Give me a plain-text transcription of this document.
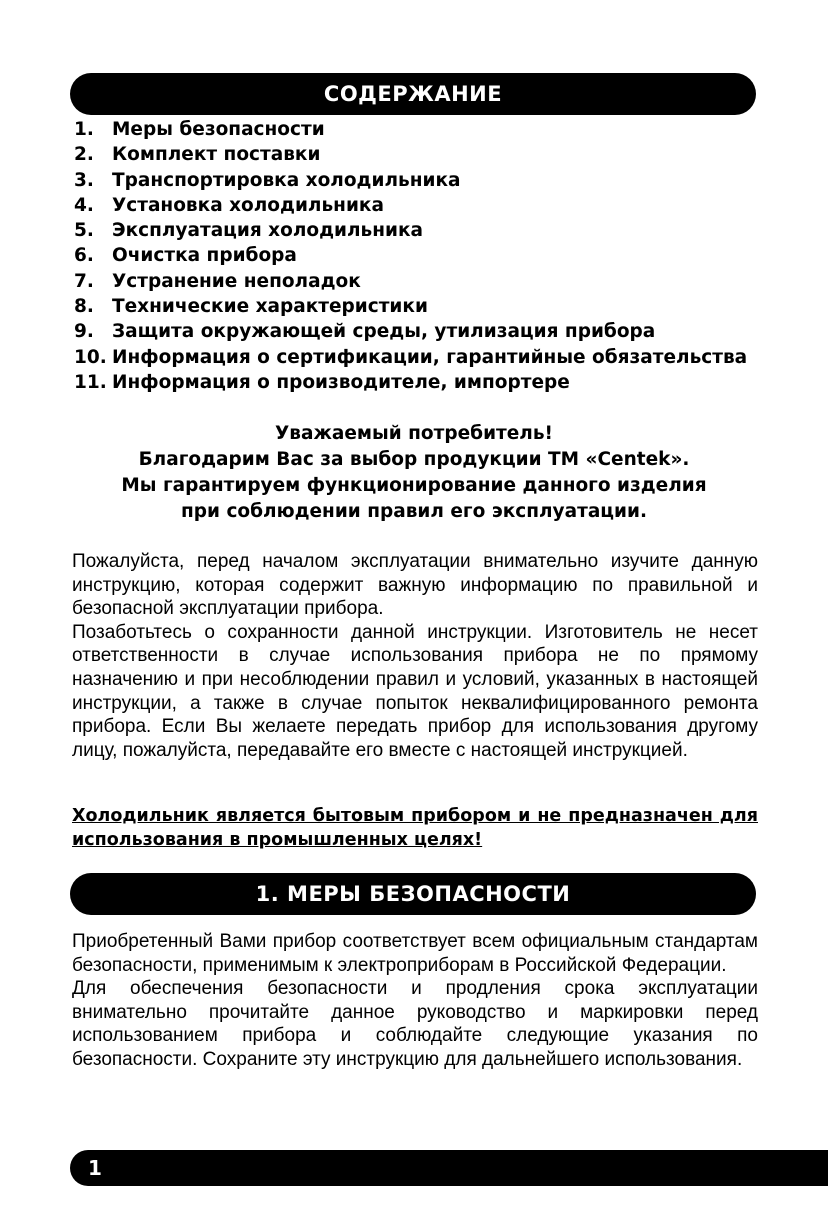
СОДЕРЖАНИЕ
1. Меры безопасности
2. Комплект поставки
3. Транспортировка холодильника
4. Установка холодильника
5. Эксплуатация холодильника
6. Очистка прибора
7. Устранение неполадок
8. Технические характеристики
9. Защита окружающей среды, утилизация прибора
10. Информация о сертификации, гарантийные обязательства
11. Информация о производителе, импортере
Уважаемый потребитель!
Благодарим Вас за выбор продукции ТМ «Centek».
Мы гарантируем функционирование данного изделия
при соблюдении правил его эксплуатации.

Пожалуйста, перед началом эксплуатации внимательно изучите данную инструкцию, которая содержит важную информацию по правильной и безопасной эксплуатации прибора.

Позаботьтесь о сохранности данной инструкции. Изготовитель не несет ответственности в случае использования прибора не по прямому назначению и при несоблюдении правил и условий, указанных в настоящей инструкции, а также в случае попыток неквалифицированного ремонта прибора. Если Вы желаете передать прибор для использования другому лицу, пожалуйста, передавайте его вместе с настоящей инструкцией.

Холодильник является бытовым прибором и не предназначен для использования в промышленных целях!

1. МЕРЫ БЕЗОПАСНОСТИ

Приобретенный Вами прибор соответствует всем официальным стандартам безопасности, применимым к электроприборам в Российской Федерации.

Для обеспечения безопасности и продления срока эксплуатации внимательно прочитайте данное руководство и маркировки перед использованием прибора и соблюдайте следующие указания по безопасности. Сохраните эту инструкцию для дальнейшего использования.

1
